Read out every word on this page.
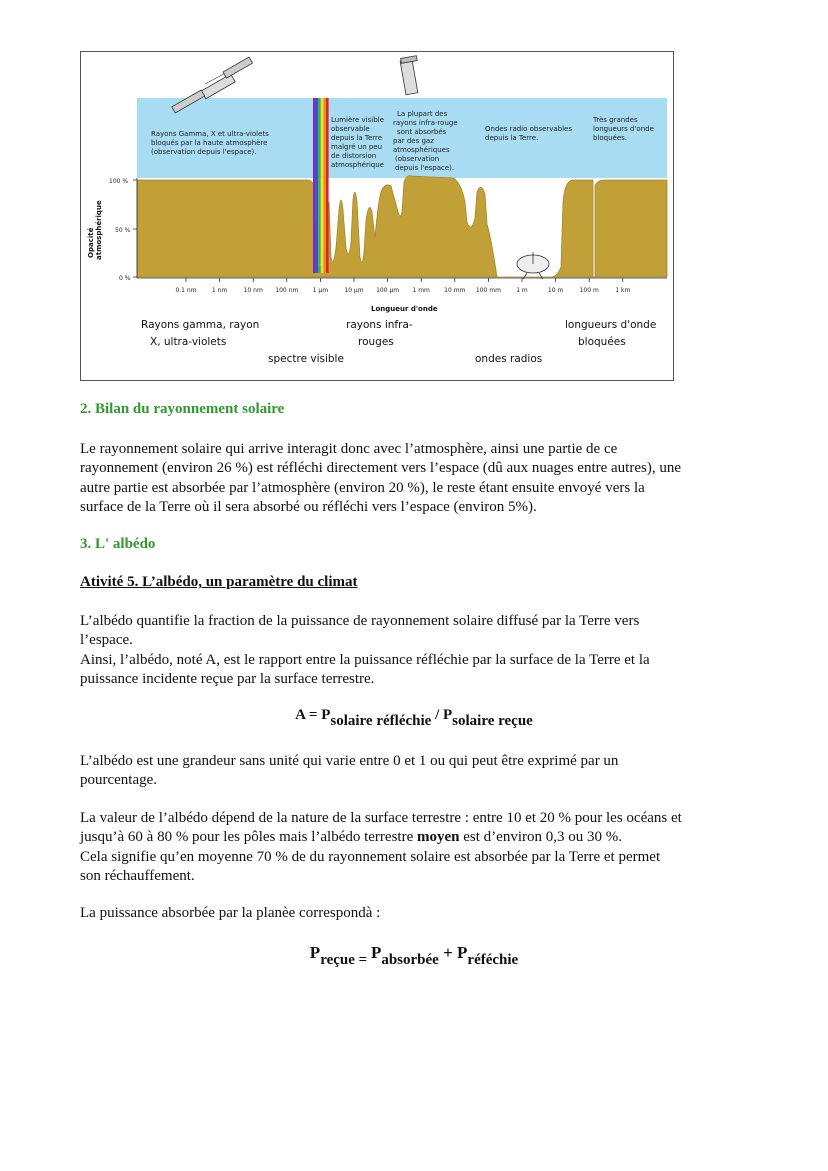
Rayons Gamma, X et ultra-violets bloqués par la haute atmosphère (observation depuis l'espace).
Lumière visible observable depuis la Terre malgré un peu de distorsion atmosphérique
La plupart des rayons infra-rouge sont absorbés par des gaz atmosphériques (observation depuis l'espace).
Ondes radio observables depuis la Terre.
Très grandes longueurs d'onde bloquées.
100 %
50 %
0 %
Opacité atmosphérique
0.1 nm	1 nm	10 nm 100 nm 1 μm	10 μm 100 μm 1 mm 10 mm 100 mm	1 m	10 m	100 m	1 km
Longueur d'onde
Rayons gamma, rayon X, ultra-violets
spectre visible
rayons infra- rouges
ondes radios
longueurs d'onde bloquées
2. Bilan du rayonnement solaire
Le rayonnement solaire qui arrive interagit donc avec l’atmosphère, ainsi une partie de ce
rayonnement (environ 26 %) est réfléchi directement vers l’espace (dû aux nuages entre autres), une
autre partie est absorbée par l’atmosphère (environ 20 %), le reste étant ensuite envoyé vers la
surface de la Terre où il sera absorbé ou réfléchi vers l’espace (environ 5%).
3. L' albédo
Ativité 5. L’albédo, un paramètre du climat
L’albédo quantifie la fraction de la puissance de rayonnement solaire diffusé par la Terre vers
l’espace.
Ainsi, l’albédo, noté A, est le rapport entre la puissance réfléchie par la surface de la Terre et la
puissance incidente reçue par la surface terrestre.
$A = P_{solaire réfléchie} / P_{solaire reçue}$
L’albédo est une grandeur sans unité qui varie entre 0 et 1 ou qui peut être exprimé par un
pourcentage.
La valeur de l’albédo dépend de la nature de la surface terrestre : entre 10 et 20 % pour les océans et
jusqu’à 60 à 80 % pour les pôles mais l’albédo terrestre moyen est d’environ 0,3 ou 30 %.
Cela signifie qu’en moyenne 70 % de du rayonnement solaire est absorbée par la Terre et permet
son réchauffement.
La puissance absorbée par la planèe correspondà :
$P_{reçue =}$ $P_{absorbée} + P_{réféchie}$
